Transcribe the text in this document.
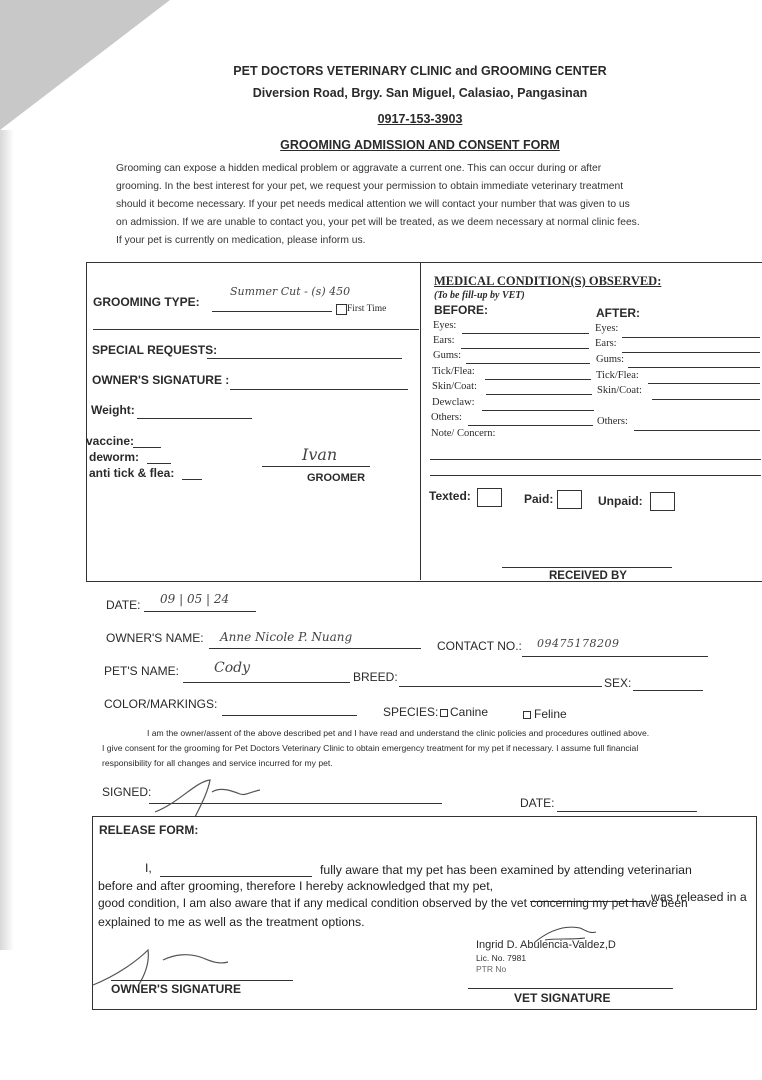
PET DOCTORS VETERINARY CLINIC and GROOMING CENTER
Diversion Road, Brgy. San Miguel, Calasiao, Pangasinan
0917-153-3903
GROOMING ADMISSION AND CONSENT FORM
Grooming can expose a hidden medical problem or aggravate a current one. This can occur during or after
grooming. In the best interest for your pet, we request your permission to obtain immediate veterinary treatment
should it become necessary. If your pet needs medical attention we will contact your number that was given to us
on admission. If we are unable to contact you, your pet will be treated, as we deem necessary at normal clinic fees.
If your pet is currently on medication, please inform us.
GROOMING TYPE:
Summer Cut - (s) 450
First Time
SPECIAL REQUESTS:
OWNER'S SIGNATURE :
Weight:
vaccine:
deworm:
anti tick & flea:
Ivan
GROOMER
MEDICAL CONDITION(S) OBSERVED:
(To be fill-up by VET)
BEFORE:	AFTER:
Eyes:
Ears:
Gums:
Tick/Flea:
Skin/Coat:
Dewclaw:
Others:
Note/ Concern:
Eyes:
Ears:
Gums:
Tick/Flea:
Skin/Coat:
Others:
Texted:	Paid:	Unpaid:
RECEIVED BY
DATE: 09 | 05 | 24
OWNER'S NAME: Anne Nicole P. Nuang
CONTACT NO.: 09475178209
PET'S NAME:	Cody
BREED:	SEX:
COLOR/MARKINGS:
SPECIES: Canine	Feline
I am the owner/assent of the above described pet and I have read and understand the clinic policies and procedures outlined above.
I give consent for the grooming for Pet Doctors Veterinary Clinic to obtain emergency treatment for my pet if necessary. I assume full financial
responsibility for all changes and service incurred for my pet.
SIGNED:
DATE:
RELEASE FORM:
I,	fully aware that my pet has been examined by attending veterinarian
before and after grooming, therefore I hereby acknowledged that my pet,
was released in a
good condition, I am also aware that if any medical condition observed by the vet concerning my pet have been
explained to me as well as the treatment options.
Ingrid D. Abulencia-Valdez,D
Lic. No. 7981
PTR No
OWNER'S SIGNATURE
VET SIGNATURE
